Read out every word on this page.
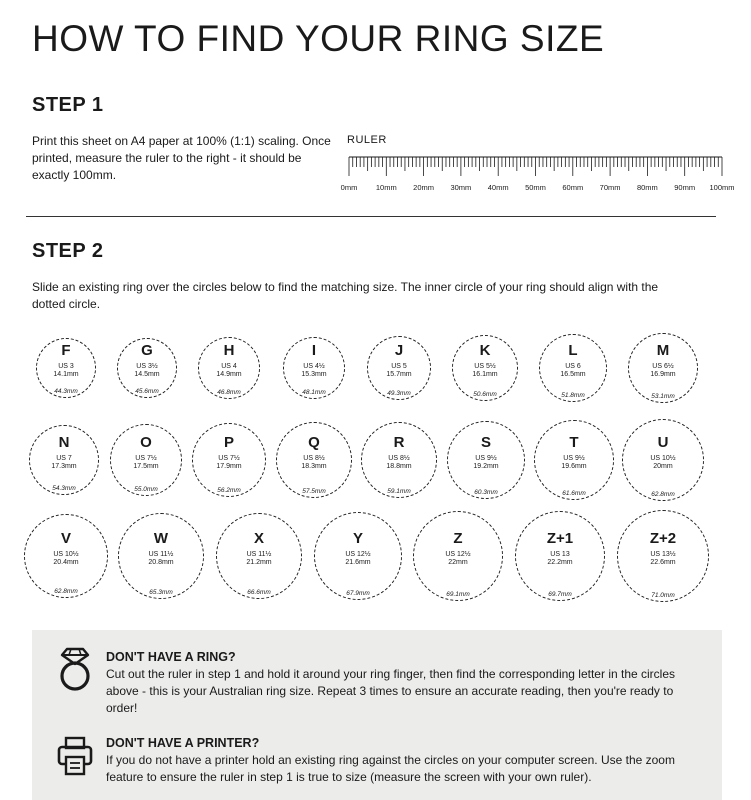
HOW TO FIND YOUR RING SIZE
STEP 1
Print this sheet on A4 paper at 100% (1:1) scaling. Once printed, measure the ruler to the right - it should be exactly 100mm.
RULER
0mm 10mm 20mm 30mm 40mm 50mm 60mm 70mm 80mm 90mm 100mm
STEP 2
Slide an existing ring over the circles below to find the matching size. The inner circle of your ring should align with the dotted circle.
F
US 3
14.1mm
44.3mm
G
US 3½
14.5mm
45.6mm
H
US 4
14.9mm
46.8mm
I
US 4½
15.3mm
48.1mm
J
US 5
15.7mm
49.3mm
K
US 5½
16.1mm
50.6mm
L
US 6
16.5mm
51.8mm
M
US 6½
16.9mm
53.1mm
N
US 7
17.3mm
54.3mm
O
US 7½
17.5mm
55.0mm
P
US 7½
17.9mm
56.2mm
Q
US 8½
18.3mm
57.5mm
R
US 8½
18.8mm
59.1mm
S
US 9½
19.2mm
60.3mm
T
US 9½
19.6mm
61.6mm
U
US 10½
20mm
62.8mm
V
US 10½
20.4mm
62.8mm
W
US 11½
20.8mm
65.3mm
X
US 11½
21.2mm
66.6mm
Y
US 12½
21.6mm
67.9mm
Z
US 12½
22mm
69.1mm
Z+1
US 13
22.2mm
69.7mm
Z+2
US 13½
22.6mm
71.0mm
DON'T HAVE A RING?
Cut out the ruler in step 1 and hold it around your ring finger, then find the corresponding letter in the circles above - this is your Australian ring size. Repeat 3 times to ensure an accurate reading, then you're ready to order!
DON'T HAVE A PRINTER?
If you do not have a printer hold an existing ring against the circles on your computer screen. Use the zoom feature to ensure the ruler in step 1 is true to size (measure the screen with your own ruler).
